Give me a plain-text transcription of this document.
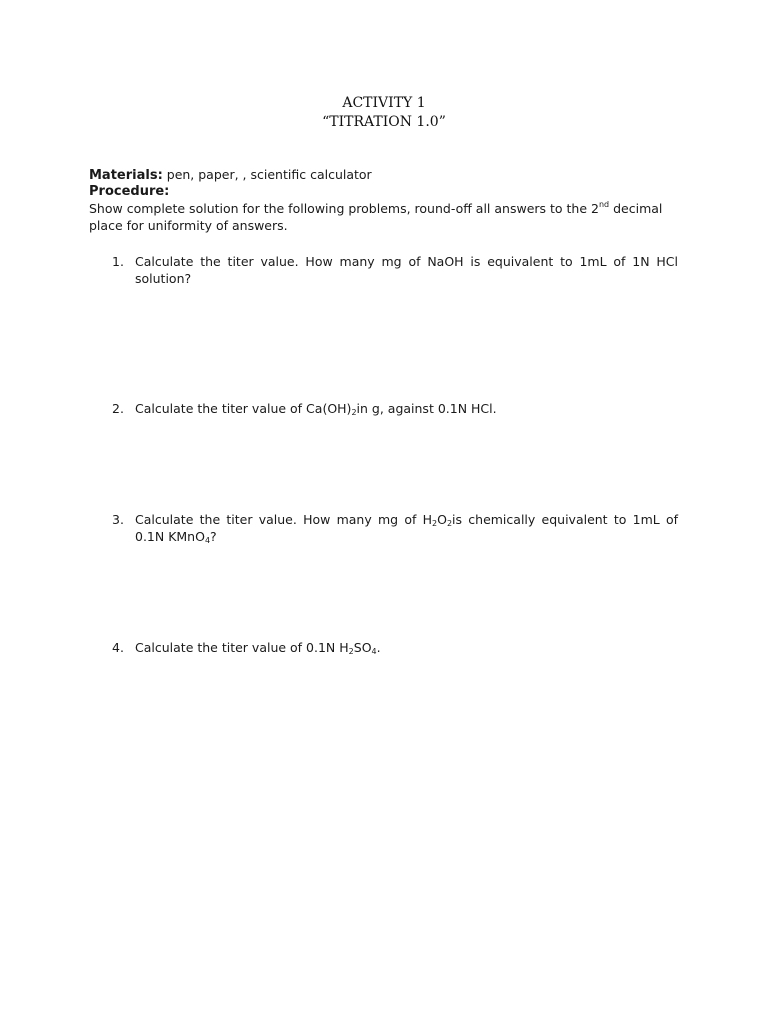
ACTIVITY 1
“TITRATION 1.0”
Materials: pen, paper, , scientific calculator
Procedure:
Show complete solution for the following problems, round-off all answers to the 2nd decimal place for uniformity of answers.
1. Calculate the titer value. How many mg of NaOH is equivalent to 1mL of 1N HCl solution?
2. Calculate the titer value of $Ca(OH)_2in$ g, against 0.1N HCl.
3. Calculate the titer value. How many mg of $H_2O_2is$ chemically equivalent to 1mL of 0.1N KMnO$_4$?
4. Calculate the titer value of 0.1N $H_2SO_4$.
